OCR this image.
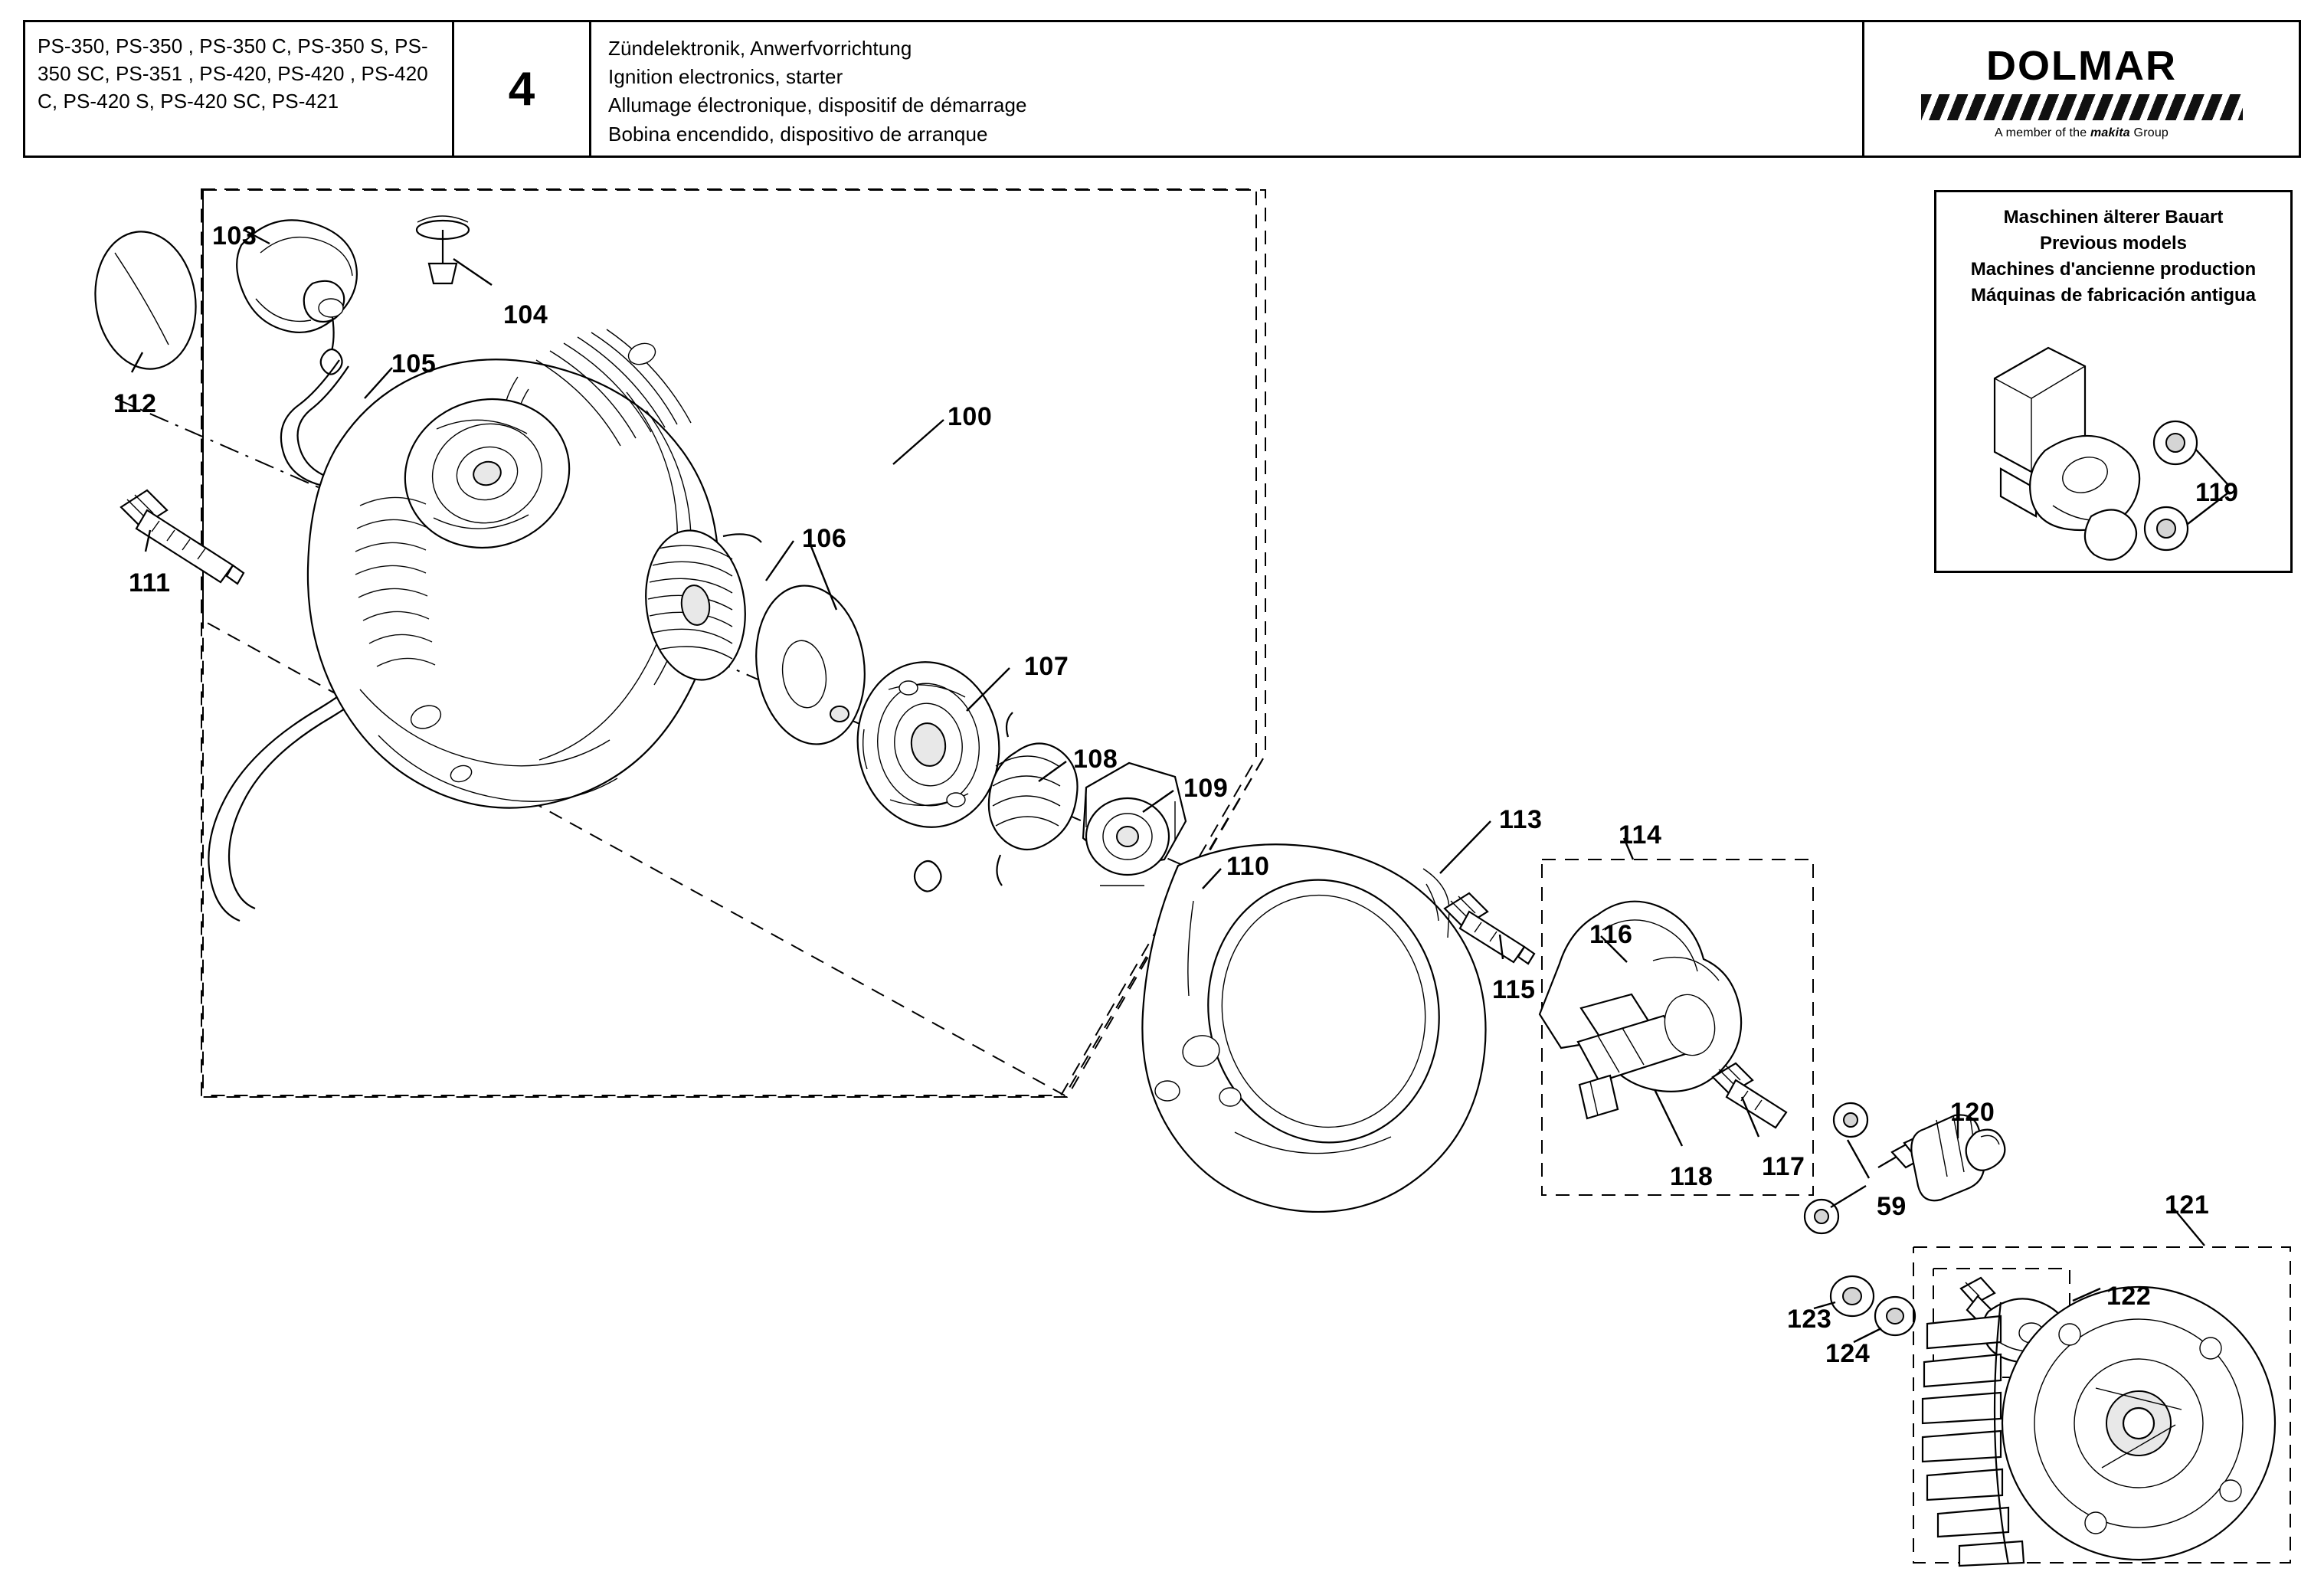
PS-350, PS-350 , PS-350 C, PS-350 S, PS-350 SC, PS-351 , PS-420, PS-420 , PS-420 C, PS-420 S, PS-420 SC, PS-421	4
Zündelektronik, Anwerfvorrichtung
Ignition electronics, starter
Allumage électronique, dispositif de démarrage
Bobina encendido, dispositivo de arranque
DOLMAR
A member of the makita Group
Maschinen älterer Bauart
Previous models
Machines d'ancienne production
Máquinas de fabricación antigua
100
103
104
105
106
107
108
109
110
111
112
113
114
115
116
117
118
120
121
122
123
124
59
119
